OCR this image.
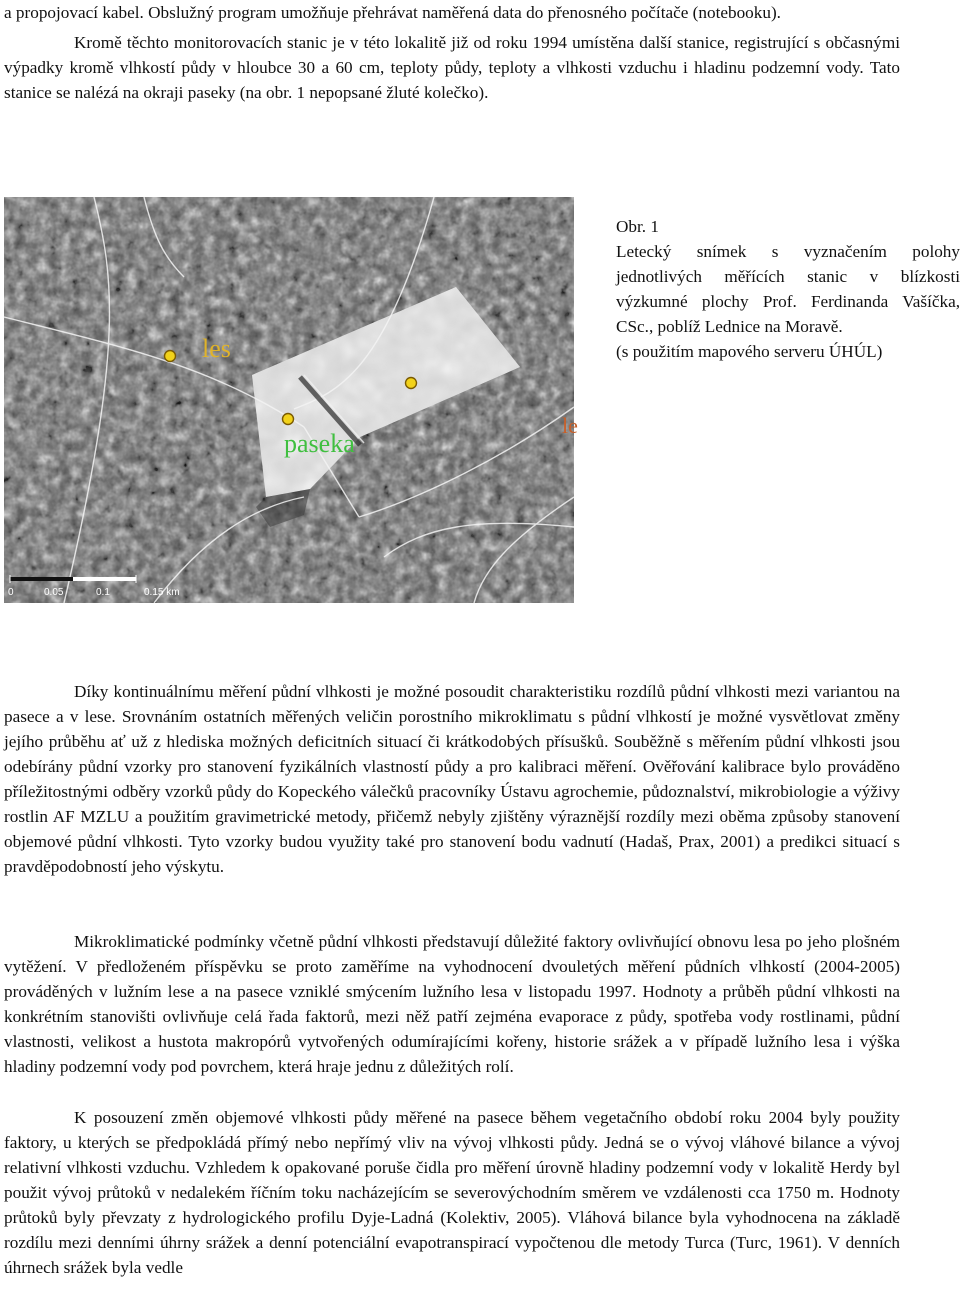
a propojovací kabel. Obslužný program umožňuje přehrávat naměřená data do přenosného počítače (notebooku).

Kromě těchto monitorovacích stanic je v této lokalitě již od roku 1994 umístěna další stanice, registrující s občasnými výpadky kromě vlhkostí půdy v hloubce 30 a 60 cm, teploty půdy, teploty a vlhkosti vzduchu i hladinu podzemní vody. Tato stanice se nalézá na okraji paseky (na obr. 1 nepopsané žluté kolečko).

les
paseka
le
0	0.05	0.1	0.15 km
Obr. 1
Letecký snímek s vyznačením polohy jednotlivých měřících stanic v blízkosti výzkumné plochy Prof. Ferdinanda Vašíčka, CSc., poblíž Lednice na Moravě.
(s použitím mapového serveru ÚHÚL)

Díky kontinuálnímu měření půdní vlhkosti je možné posoudit charakteristiku rozdílů půdní vlhkosti mezi variantou na pasece a v lese. Srovnáním ostatních měřených veličin porostního mikroklimatu s půdní vlhkostí je možné vysvětlovat změny jejího průběhu ať už z hlediska možných deficitních situací či krátkodobých přísušků. Souběžně s měřením půdní vlhkosti jsou odebírány půdní vzorky pro stanovení fyzikálních vlastností půdy a pro kalibraci měření. Ověřování kalibrace bylo prováděno příležitostnými odběry vzorků půdy do Kopeckého válečků pracovníky Ústavu agrochemie, půdoznalství, mikrobiologie a výživy rostlin AF MZLU a použitím gravimetrické metody, přičemž nebyly zjištěny výraznější rozdíly mezi oběma způsoby stanovení objemové půdní vlhkosti. Tyto vzorky budou využity také pro stanovení bodu vadnutí (Hadaš, Prax, 2001) a predikci situací s pravděpodobností jeho výskytu.

Mikroklimatické podmínky včetně půdní vlhkosti představují důležité faktory ovlivňující obnovu lesa po jeho plošném vytěžení. V předloženém příspěvku se proto zaměříme na vyhodnocení dvouletých měření půdních vlhkostí (2004-2005) prováděných v lužním lese a na pasece vzniklé smýcením lužního lesa v listopadu 1997. Hodnoty a průběh půdní vlhkosti na konkrétním stanovišti ovlivňuje celá řada faktorů, mezi něž patří zejména evaporace z půdy, spotřeba vody rostlinami, půdní vlastnosti, velikost a hustota makropórů vytvořených odumírajícími kořeny, historie srážek a v případě lužního lesa i výška hladiny podzemní vody pod povrchem, která hraje jednu z důležitých rolí.

K posouzení změn objemové vlhkosti půdy měřené na pasece během vegetačního období roku 2004 byly použity faktory, u kterých se předpokládá přímý nebo nepřímý vliv na vývoj vlhkosti půdy. Jedná se o vývoj vláhové bilance a vývoj relativní vlhkosti vzduchu. Vzhledem k opakované poruše čidla pro měření úrovně hladiny podzemní vody v lokalitě Herdy byl použit vývoj průtoků v nedalekém říčním toku nacházejícím se severovýchodním směrem ve vzdálenosti cca 1750 m. Hodnoty průtoků byly převzaty z hydrologického profilu Dyje-Ladná (Kolektiv, 2005). Vláhová bilance byla vyhodnocena na základě rozdílu mezi denními úhrny srážek a denní potenciální evapotranspirací vypočtenou dle metody Turca (Turc, 1961). V denních úhrnech srážek byla vedle
